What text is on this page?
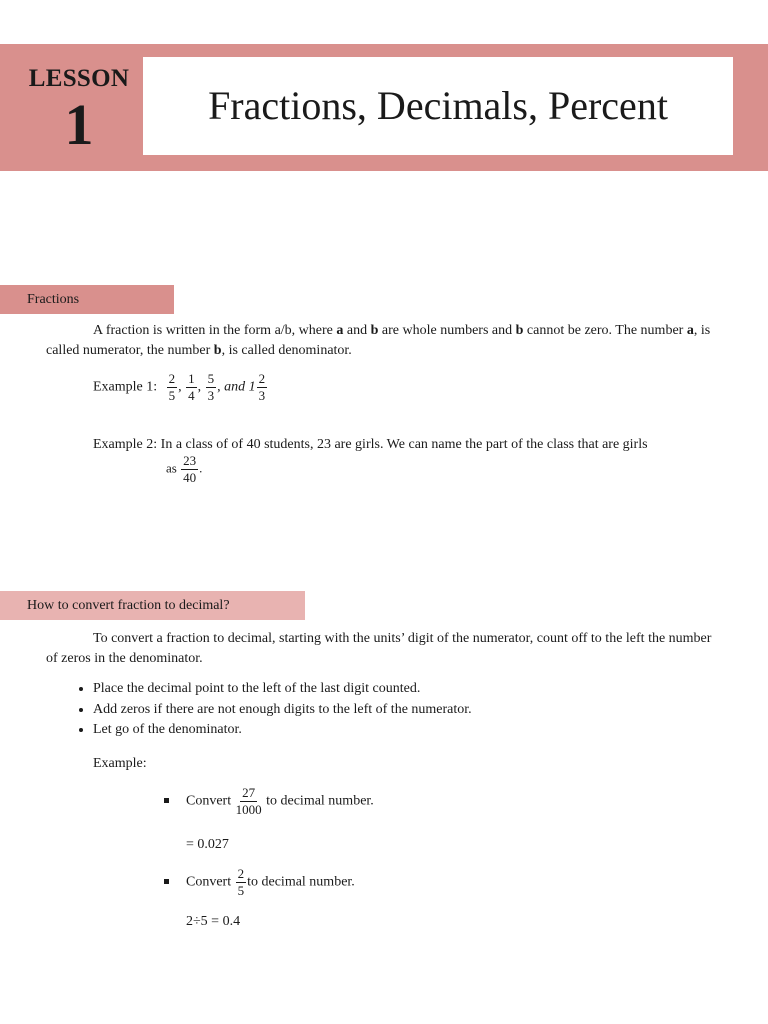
LESSON
1	Fractions, Decimals, Percent
Fractions
A fraction is written in the form a/b, where a and b are whole numbers and b cannot be zero. The number a, is called numerator, the number b, is called denominator.
Example 1: $\frac{2}{5}$ , $\frac{1}{4}$ , $\frac{5}{3}$ , and $1 \frac{2}{3}$
Example 2: In a class of of 40 students, 23 are girls. We can name the part of the class that are girls
as $\frac{23}{40}$ .
How to convert fraction to decimal?
To convert a fraction to decimal, starting with the units’ digit of the numerator, count off to the left the number of zeros in the denominator.
• Place the decimal point to the left of the last digit counted.
• Add zeros if there are not enough digits to the left of the numerator.
• Let go of the denominator.
Example:
Convert $\frac{27}{1000}$ to decimal number.
= 0.027
Convert $\frac{2}{5}$ to decimal number.
2÷5 = 0.4
